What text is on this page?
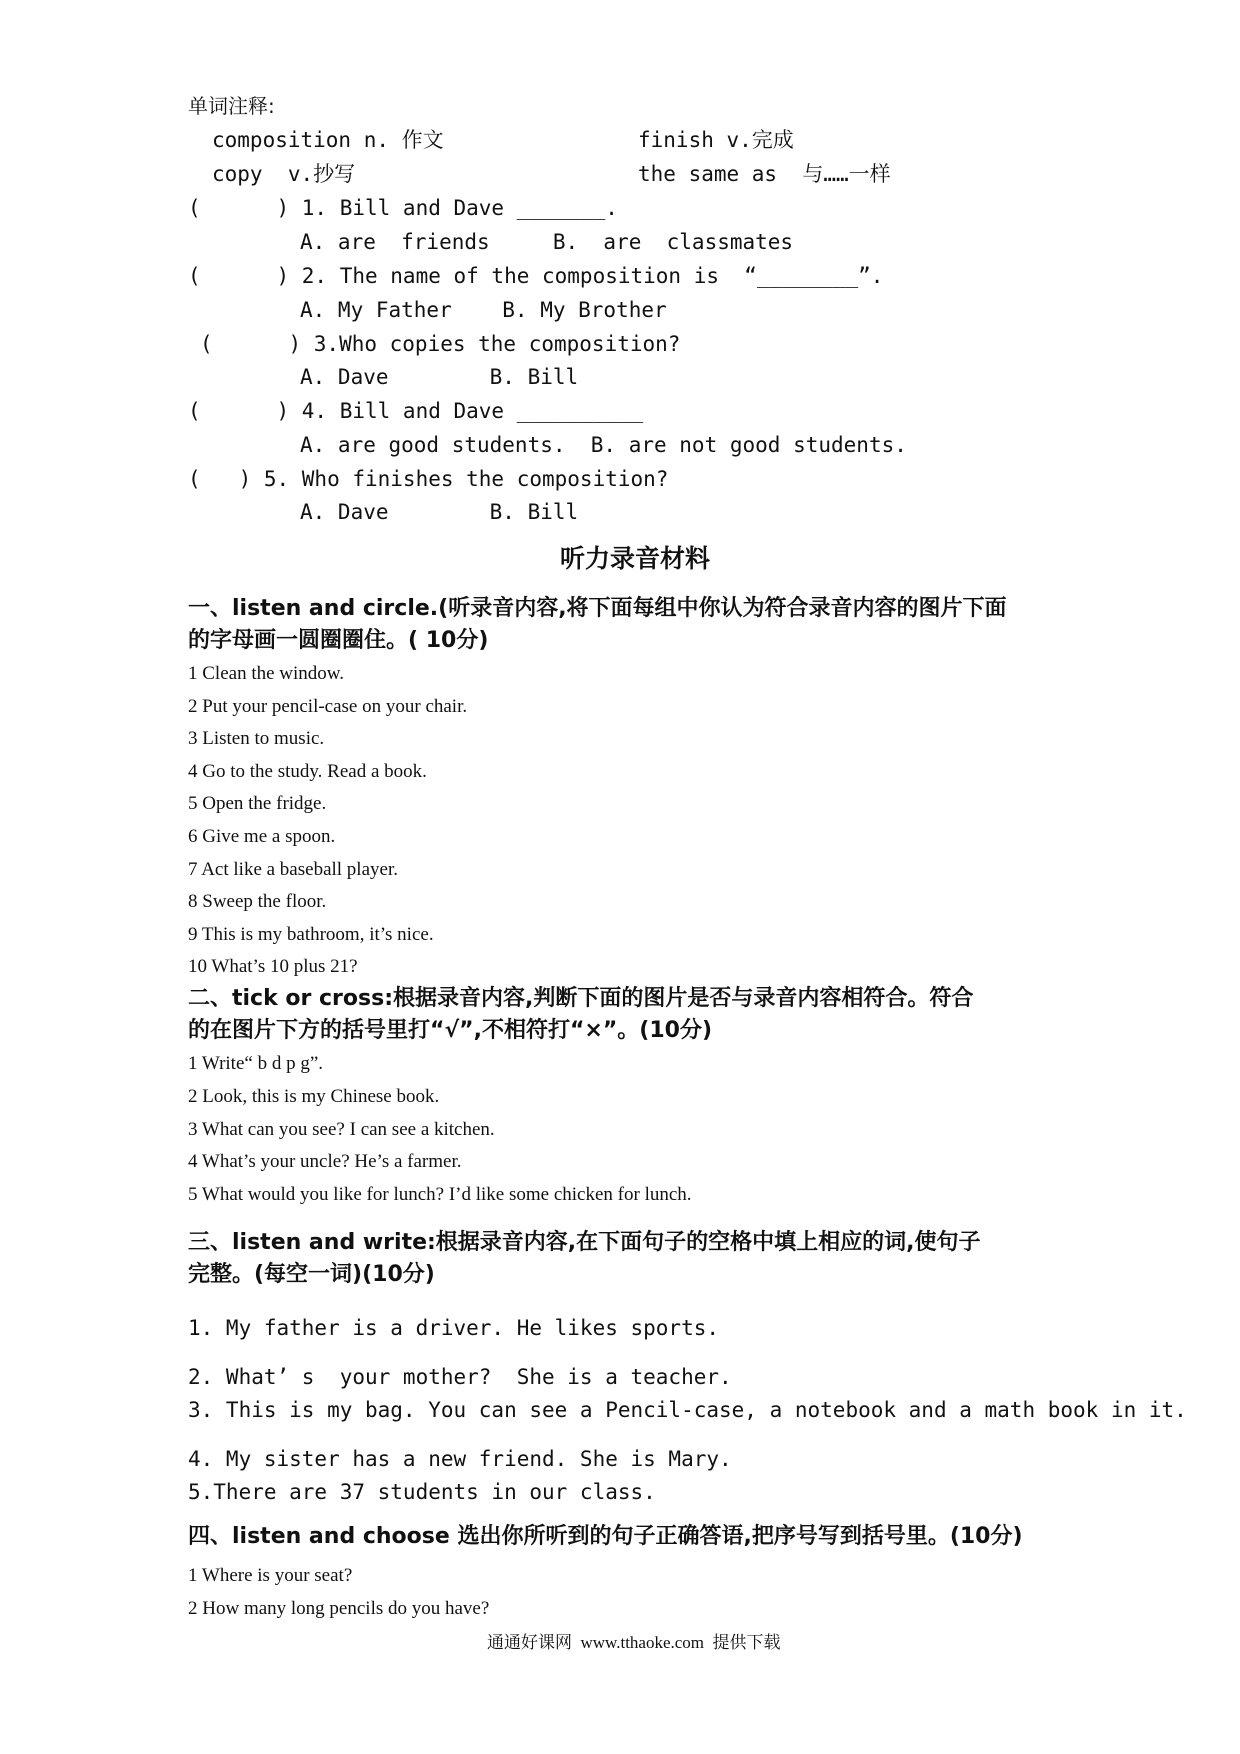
单词注释:
composition n. 作文	finish v.完成
copy  v.抄写	the same as  与……一样
(      ) 1. Bill and Dave _______.
A. are  friends     B.  are  classmates
(      ) 2. The name of the composition is  “________”.
A. My Father    B. My Brother
(      ) 3.Who copies the composition?
A. Dave        B. Bill
(      ) 4. Bill and Dave __________
A. are good students.  B. are not good students.
(   ) 5. Who finishes the composition?
A. Dave        B. Bill
听力录音材料
一、listen and circle.(听录音内容,将下面每组中你认为符合录音内容的图片下面
的字母画一圆圈圈住。( 10分)
1 Clean the window.
2 Put your pencil-case on your chair.
3 Listen to music.
4 Go to the study. Read a book.
5 Open the fridge.
6 Give me a spoon.
7 Act like a baseball player.
8 Sweep the floor.
9 This is my bathroom, it’s nice.
10 What’s 10 plus 21?
二、tick or cross:根据录音内容,判断下面的图片是否与录音内容相符合。符合
的在图片下方的括号里打“√”,不相符打“×”。(10分)
1 Write“ b d p g”.
2 Look, this is my Chinese book.
3 What can you see? I can see a kitchen.
4 What’s your uncle? He’s a farmer.
5 What would you like for lunch? I’d like some chicken for lunch.
三、listen and write:根据录音内容,在下面句子的空格中填上相应的词,使句子
完整。(每空一词)(10分)
1. My father is a driver. He likes sports.
2. What’ s  your mother?  She is a teacher.
3. This is my bag. You can see a Pencil-case, a notebook and a math book in it.
4. My sister has a new friend. She is Mary.
5.There are 37 students in our class.
四、listen and choose 选出你所听到的句子正确答语,把序号写到括号里。(10分)
1 Where is your seat?
2 How many long pencils do you have?
通通好课网  www.tthaoke.com  提供下载
